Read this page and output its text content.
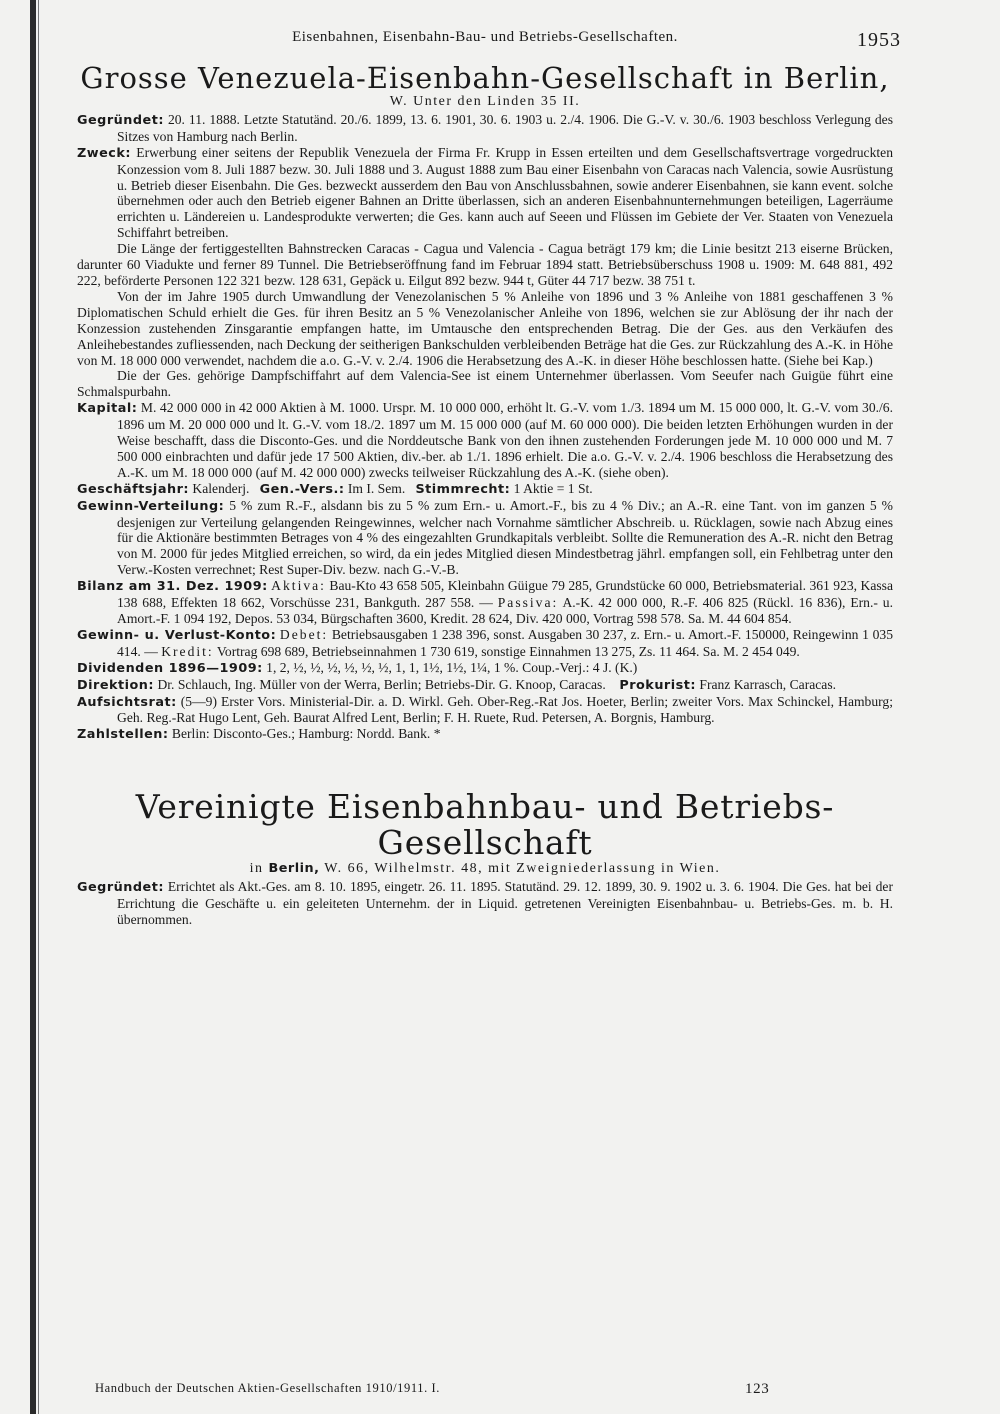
Eisenbahnen, Eisenbahn-Bau- und Betriebs-Gesellschaften.	1953
Grosse Venezuela-Eisenbahn-Gesellschaft in Berlin,
W. Unter den Linden 35 II.

Gegründet: 20. 11. 1888. Letzte Statutänd. 20./6. 1899, 13. 6. 1901, 30. 6. 1903 u. 2./4. 1906. Die G.-V. v. 30./6. 1903 beschloss Verlegung des Sitzes von Hamburg nach Berlin.

Zweck: Erwerbung einer seitens der Republik Venezuela der Firma Fr. Krupp in Essen erteilten und dem Gesellschaftsvertrage vorgedruckten Konzession vom 8. Juli 1887 bezw. 30. Juli 1888 und 3. August 1888 zum Bau einer Eisenbahn von Caracas nach Valencia, sowie Ausrüstung u. Betrieb dieser Eisenbahn. Die Ges. bezweckt ausserdem den Bau von Anschlussbahnen, sowie anderer Eisenbahnen, sie kann event. solche übernehmen oder auch den Betrieb eigener Bahnen an Dritte überlassen, sich an anderen Eisenbahnunternehmungen beteiligen, Lagerräume errichten u. Ländereien u. Landesprodukte verwerten; die Ges. kann auch auf Seeen und Flüssen im Gebiete der Ver. Staaten von Venezuela Schiffahrt betreiben.

Die Länge der fertiggestellten Bahnstrecken Caracas - Cagua und Valencia - Cagua beträgt 179 km; die Linie besitzt 213 eiserne Brücken, darunter 60 Viadukte und ferner 89 Tunnel. Die Betriebseröffnung fand im Februar 1894 statt. Betriebsüberschuss 1908 u. 1909: M. 648 881, 492 222, beförderte Personen 122 321 bezw. 128 631, Gepäck u. Eilgut 892 bezw. 944 t, Güter 44 717 bezw. 38 751 t.

Von der im Jahre 1905 durch Umwandlung der Venezolanischen 5 % Anleihe von 1896 und 3 % Anleihe von 1881 geschaffenen 3 % Diplomatischen Schuld erhielt die Ges. für ihren Besitz an 5 % Venezolanischer Anleihe von 1896, welchen sie zur Ablösung der ihr nach der Konzession zustehenden Zinsgarantie empfangen hatte, im Umtausche den entsprechenden Betrag. Die der Ges. aus den Verkäufen des Anleihebestandes zufliessenden, nach Deckung der seitherigen Bankschulden verbleibenden Beträge hat die Ges. zur Rückzahlung des A.-K. in Höhe von M. 18 000 000 verwendet, nachdem die a.o. G.-V. v. 2./4. 1906 die Herabsetzung des A.-K. in dieser Höhe beschlossen hatte. (Siehe bei Kap.)

Die der Ges. gehörige Dampfschiffahrt auf dem Valencia-See ist einem Unternehmer überlassen. Vom Seeufer nach Guigüe führt eine Schmalspurbahn.

Kapital: M. 42 000 000 in 42 000 Aktien à M. 1000. Urspr. M. 10 000 000, erhöht lt. G.-V. vom 1./3. 1894 um M. 15 000 000, lt. G.-V. vom 30./6. 1896 um M. 20 000 000 und lt. G.-V. vom 18./2. 1897 um M. 15 000 000 (auf M. 60 000 000). Die beiden letzten Erhöhungen wurden in der Weise beschafft, dass die Disconto-Ges. und die Norddeutsche Bank von den ihnen zustehenden Forderungen jede M. 10 000 000 und M. 7 500 000 einbrachten und dafür jede 17 500 Aktien, div.-ber. ab 1./1. 1896 erhielt. Die a.o. G.-V. v. 2./4. 1906 beschloss die Herabsetzung des A.-K. um M. 18 000 000 (auf M. 42 000 000) zwecks teilweiser Rückzahlung des A.-K. (siehe oben).

Geschäftsjahr: Kalenderj. Gen.-Vers.: Im I. Sem. Stimmrecht: 1 Aktie = 1 St.

Gewinn-Verteilung: 5 % zum R.-F., alsdann bis zu 5 % zum Ern.- u. Amort.-F., bis zu 4 % Div.; an A.-R. eine Tant. von im ganzen 5 % desjenigen zur Verteilung gelangenden Reingewinnes, welcher nach Vornahme sämtlicher Abschreib. u. Rücklagen, sowie nach Abzug eines für die Aktionäre bestimmten Betrages von 4 % des eingezahlten Grundkapitals verbleibt. Sollte die Remuneration des A.-R. nicht den Betrag von M. 2000 für jedes Mitglied erreichen, so wird, da ein jedes Mitglied diesen Mindestbetrag jährl. empfangen soll, ein Fehlbetrag unter den Verw.-Kosten verrechnet; Rest Super-Div. bezw. nach G.-V.-B.

Bilanz am 31. Dez. 1909: Aktiva: Bau-Kto 43 658 505, Kleinbahn Güigue 79 285, Grundstücke 60 000, Betriebsmaterial. 361 923, Kassa 138 688, Effekten 18 662, Vorschüsse 231, Bankguth. 287 558. — Passiva: A.-K. 42 000 000, R.-F. 406 825 (Rückl. 16 836), Ern.- u. Amort.-F. 1 094 192, Depos. 53 034, Bürgschaften 3600, Kredit. 28 624, Div. 420 000, Vortrag 598 578. Sa. M. 44 604 854.

Gewinn- u. Verlust-Konto: Debet: Betriebsausgaben 1 238 396, sonst. Ausgaben 30 237, z. Ern.- u. Amort.-F. 150000, Reingewinn 1 035 414. — Kredit: Vortrag 698 689, Betriebseinnahmen 1 730 619, sonstige Einnahmen 13 275, Zs. 11 464. Sa. M. 2 454 049.

Dividenden 1896—1909: 1, 2, ½, ½, ½, ½, ½, ½, 1, 1, 1½, 1½, 1¼, 1 %. Coup.-Verj.: 4 J. (K.)

Direktion: Dr. Schlauch, Ing. Müller von der Werra, Berlin; Betriebs-Dir. G. Knoop, Caracas. Prokurist: Franz Karrasch, Caracas.

Aufsichtsrat: (5—9) Erster Vors. Ministerial-Dir. a. D. Wirkl. Geh. Ober-Reg.-Rat Jos. Hoeter, Berlin; zweiter Vors. Max Schinckel, Hamburg; Geh. Reg.-Rat Hugo Lent, Geh. Baurat Alfred Lent, Berlin; F. H. Ruete, Rud. Petersen, A. Borgnis, Hamburg.

Zahlstellen: Berlin: Disconto-Ges.; Hamburg: Nordd. Bank. *

Vereinigte Eisenbahnbau- und Betriebs-Gesellschaft
in Berlin, W. 66, Wilhelmstr. 48, mit Zweigniederlassung in Wien.

Gegründet: Errichtet als Akt.-Ges. am 8. 10. 1895, eingetr. 26. 11. 1895. Statutänd. 29. 12. 1899, 30. 9. 1902 u. 3. 6. 1904. Die Ges. hat bei der Errichtung die Geschäfte u. ein geleiteten Unternehm. der in Liquid. getretenen Vereinigten Eisenbahnbau- u. Betriebs-Ges. m. b. H. übernommen.

Handbuch der Deutschen Aktien-Gesellschaften 1910/1911. I.	123
